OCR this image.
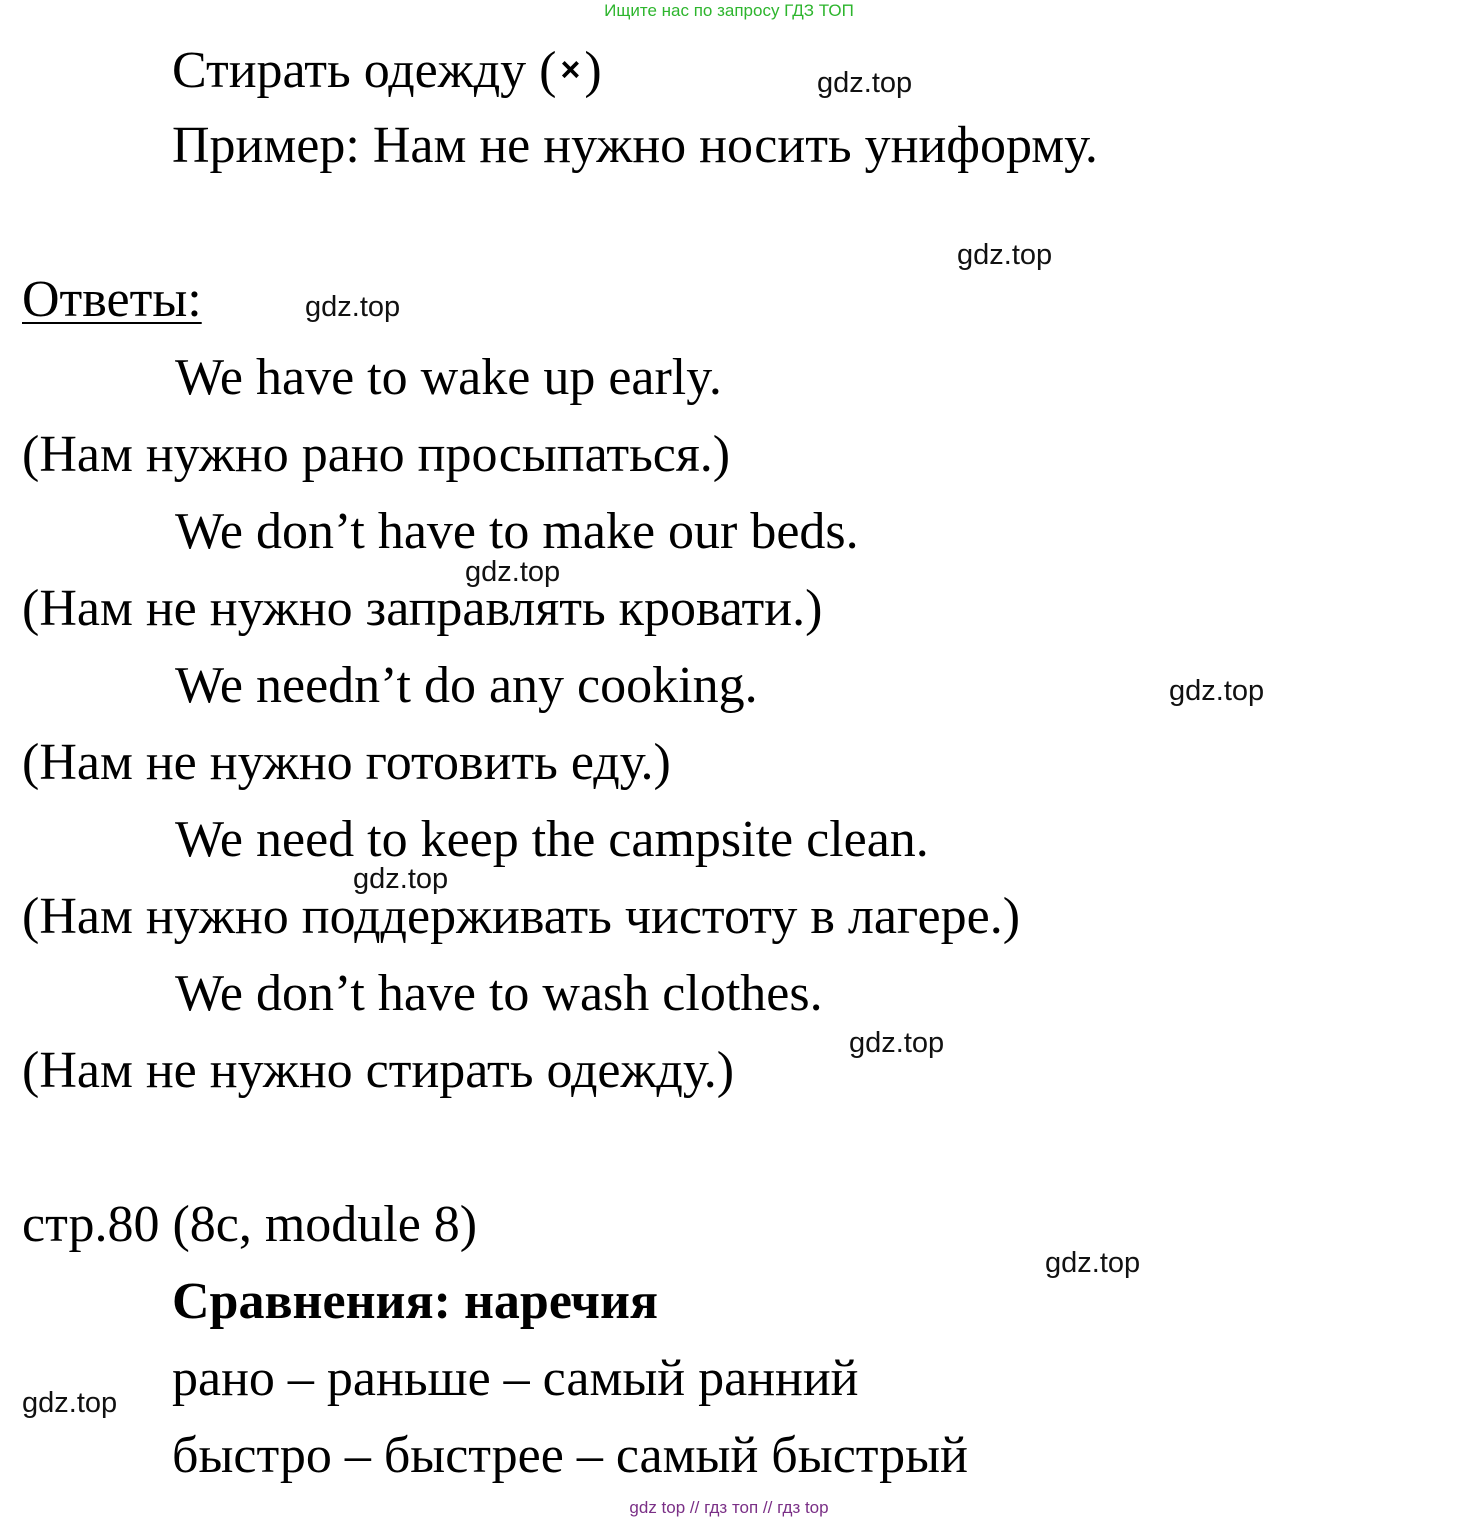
Ищите нас по запросу ГДЗ ТОП
Стирать одежду ( ×)
Пример: Нам не нужно носить униформу.
Ответы:
We have to wake up early.
(Нам нужно рано просыпаться.)
We don’t have to make our beds.
(Нам не нужно заправлять кровати.)
We needn’t do any cooking.
(Нам не нужно готовить еду.)
We need to keep the campsite clean.
(Нам нужно поддерживать чистоту в лагере.)
We don’t have to wash clothes.
(Нам не нужно стирать одежду.)
стр.80 (8с, module 8)
Сравнения: наречия
рано – раньше – самый ранний
быстро – быстрее – самый быстрый
gdz.top
gdz.top
gdz.top
gdz.top
gdz.top
gdz.top
gdz.top
gdz.top
gdz.top
gdz top // гдз топ // гдз top
